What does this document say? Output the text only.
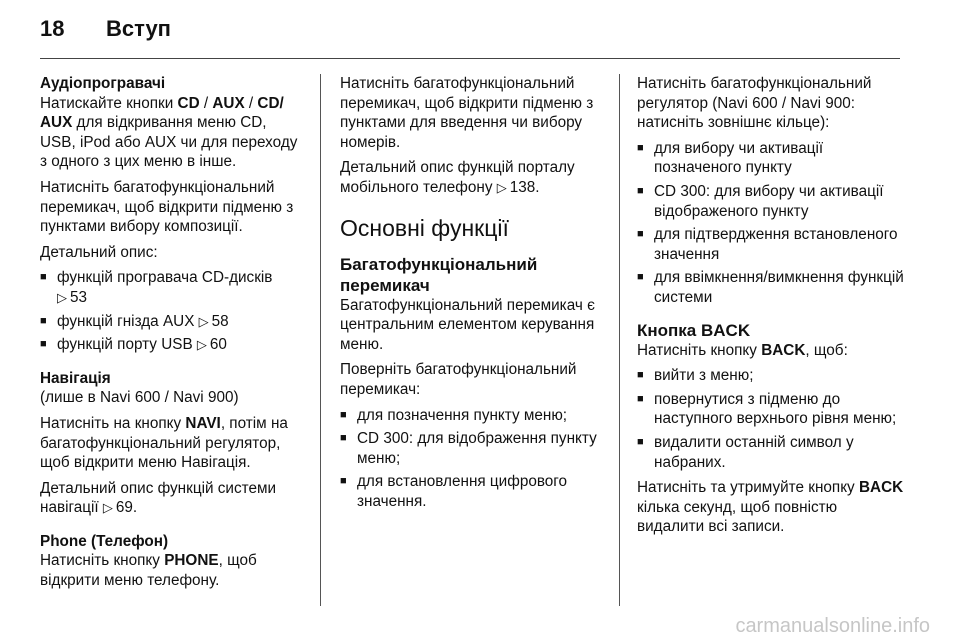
18	Вступ

Аудіопрогравачі

Натискайте кнопки CD / AUX / CD/ AUX для відкривання меню CD, USB, iPod або AUX чи для переходу з одного з цих меню в інше.

Натисніть багатофункціональний перемикач, щоб відкрити підменю з пунктами вибору композиції.

Детальний опис:

■ функцій програвача CD-дисків
▷ 53
■ функцій гнізда AUX ▷ 58
■ функцій порту USB ▷ 60

Навігація

(лише в Navi 600 / Navi 900)

Натисніть на кнопку NAVI, потім на багатофункціональний регулятор, щоб відкрити меню Навігація.

Детальний опис функцій системи навігації ▷ 69.

Phone (Телефон)

Натисніть кнопку PHONE, щоб відкрити меню телефону.

Натисніть багатофункціональний перемикач, щоб відкрити підменю з пунктами для введення чи вибору номерів.

Детальний опис функцій порталу мобільного телефону ▷ 138.

Основні функції
Багатофункціональний перемикач

Багатофункціональний перемикач є центральним елементом керування меню.

Поверніть багатофункціональний перемикач:

■ для позначення пункту меню;
■ CD 300: для відображення пункту меню;
■ для встановлення цифрового значення.

Натисніть багатофункціональний регулятор (Navi 600 / Navi 900: натисніть зовнішнє кільце):

■ для вибору чи активації позначеного пункту
■ CD 300: для вибору чи активації відображеного пункту
■ для підтвердження встановленого значення
■ для ввімкнення/вимкнення функцій системи
Кнопка BACK

Натисніть кнопку BACK, щоб:

■ вийти з меню;
■ повернутися з підменю до наступного верхнього рівня меню;
■ видалити останній символ у набраних.

Натисніть та утримуйте кнопку BACK кілька секунд, щоб повністю видалити всі записи.

carmanualsonline.info
